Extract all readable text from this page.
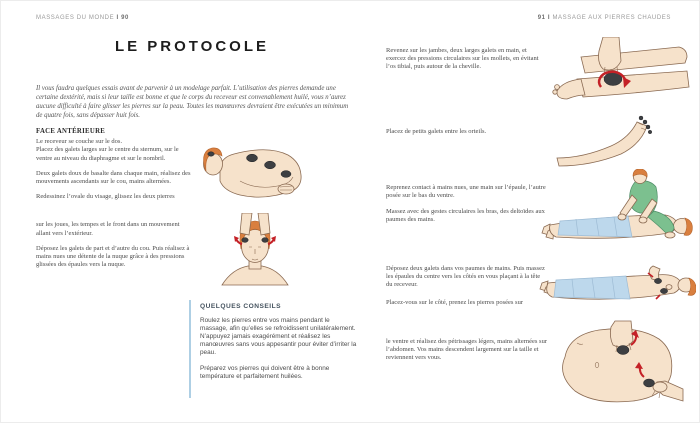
MASSAGES DU MONDE I 90	91 I MASSAGE AUX PIERRES CHAUDES
LE PROTOCOLE
Il vous faudra quelques essais avant de parvenir à un modelage parfait. L’utilisation des pierres demande une certaine dextérité, mais si leur taille est bonne et que le corps du receveur est convenablement huilé, vous n’aurez aucune difficulté à faire glisser les pierres sur la peau. Toutes les manœuvres devraient être exécutées un minimum de quatre fois, sans dépasser huit fois.
FACE ANTÉRIEURE

Le receveur se couche sur le dos.

Placez des galets larges sur le centre du sternum, sur le ventre au niveau du diaphragme et sur le nombril.

Deux galets doux de basalte dans chaque main, réalisez des mouvements ascendants sur le cou, mains alternées.

Redessinez l’ovale du visage, glissez les deux pierres

sur les joues, les tempes et le front dans un mouvement allant vers l’extérieur.

Déposez les galets de part et d’autre du cou. Puis réalisez à mains nues une détente de la nuque grâce à des pressions glissées des épaules vers la nuque.

QUELQUES CONSEILS

Roulez les pierres entre vos mains pendant le massage, afin qu’elles se refroidissent unilatéralement.

N’appuyez jamais exagérément et réalisez les manœuvres sans vous appesantir pour éviter d’irriter la peau.

Préparez vos pierres qui doivent être à bonne température et parfaitement huilées.

Revenez sur les jambes, deux larges galets en main, et exercez des pressions circulaires sur les mollets, en évitant l’os tibial, puis autour de la cheville.
Placez de petits galets entre les orteils.
Reprenez contact à mains nues, une main sur l’épaule, l’autre posée sur le bas du ventre.
Massez avec des gestes circulaires les bras, des deltoïdes aux paumes des mains.
Déposez deux galets dans vos paumes de mains. Puis massez les épaules du centre vers les côtés en vous plaçant à la tête du receveur.
Placez-vous sur le côté, prenez les pierres posées sur
le ventre et réalisez des pétrissages légers, mains alternées sur l’abdomen. Vos mains descendent largement sur la taille et reviennent vers vous.
